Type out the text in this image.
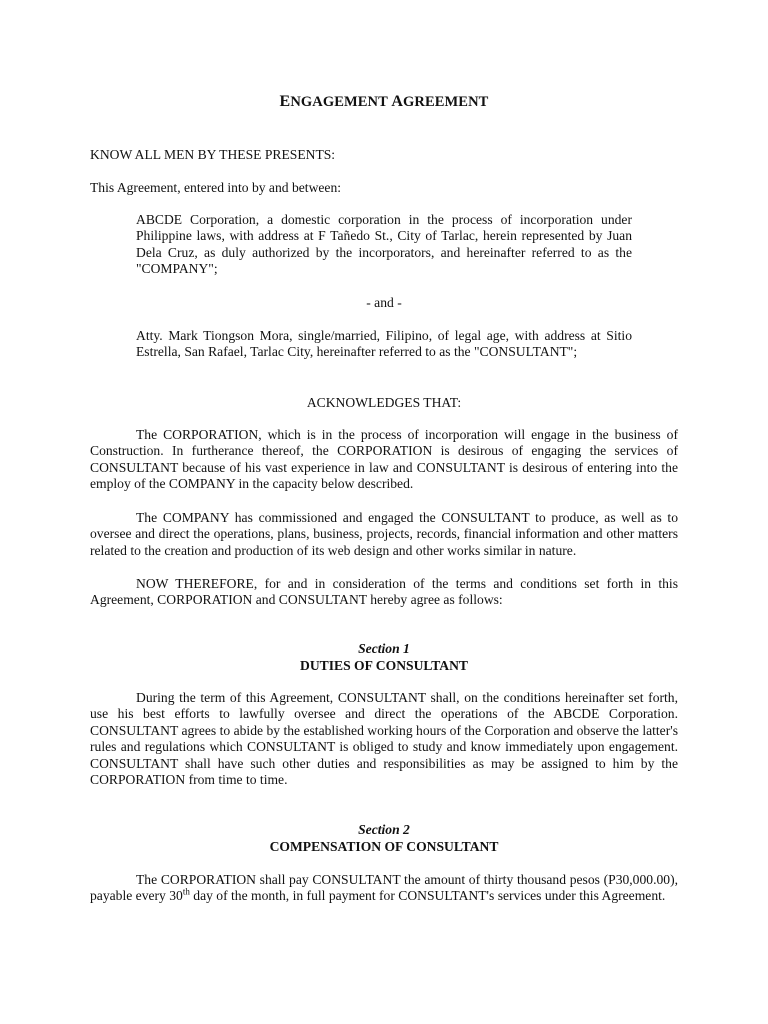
ENGAGEMENT AGREEMENT

KNOW ALL MEN BY THESE PRESENTS:

This Agreement, entered into by and between:

ABCDE Corporation, a domestic corporation in the process of incorporation under Philippine laws, with address at F Tañedo St., City of Tarlac, herein represented by Juan Dela Cruz, as duly authorized by the incorporators, and hereinafter referred to as the "COMPANY";

- and -

Atty. Mark Tiongson Mora, single/married, Filipino, of legal age, with address at Sitio Estrella, San Rafael, Tarlac City, hereinafter referred to as the "CONSULTANT";

ACKNOWLEDGES THAT:

The CORPORATION, which is in the process of incorporation will engage in the business of Construction. In furtherance thereof, the CORPORATION is desirous of engaging the services of CONSULTANT because of his vast experience in law and CONSULTANT is desirous of entering into the employ of the COMPANY in the capacity below described.

The COMPANY has commissioned and engaged the CONSULTANT to produce, as well as to oversee and direct the operations, plans, business, projects, records, financial information and other matters related to the creation and production of its web design and other works similar in nature.

NOW THEREFORE, for and in consideration of the terms and conditions set forth in this Agreement, CORPORATION and CONSULTANT hereby agree as follows:

Section 1

DUTIES OF CONSULTANT

During the term of this Agreement, CONSULTANT shall, on the conditions hereinafter set forth, use his best efforts to lawfully oversee and direct the operations of the ABCDE Corporation. CONSULTANT agrees to abide by the established working hours of the Corporation and observe the latter's rules and regulations which CONSULTANT is obliged to study and know immediately upon engagement. CONSULTANT shall have such other duties and responsibilities as may be assigned to him by the CORPORATION from time to time.

Section 2

COMPENSATION OF CONSULTANT

The CORPORATION shall pay CONSULTANT the amount of thirty thousand pesos (P30,000.00), payable every 30th day of the month, in full payment for CONSULTANT's services under this Agreement.
